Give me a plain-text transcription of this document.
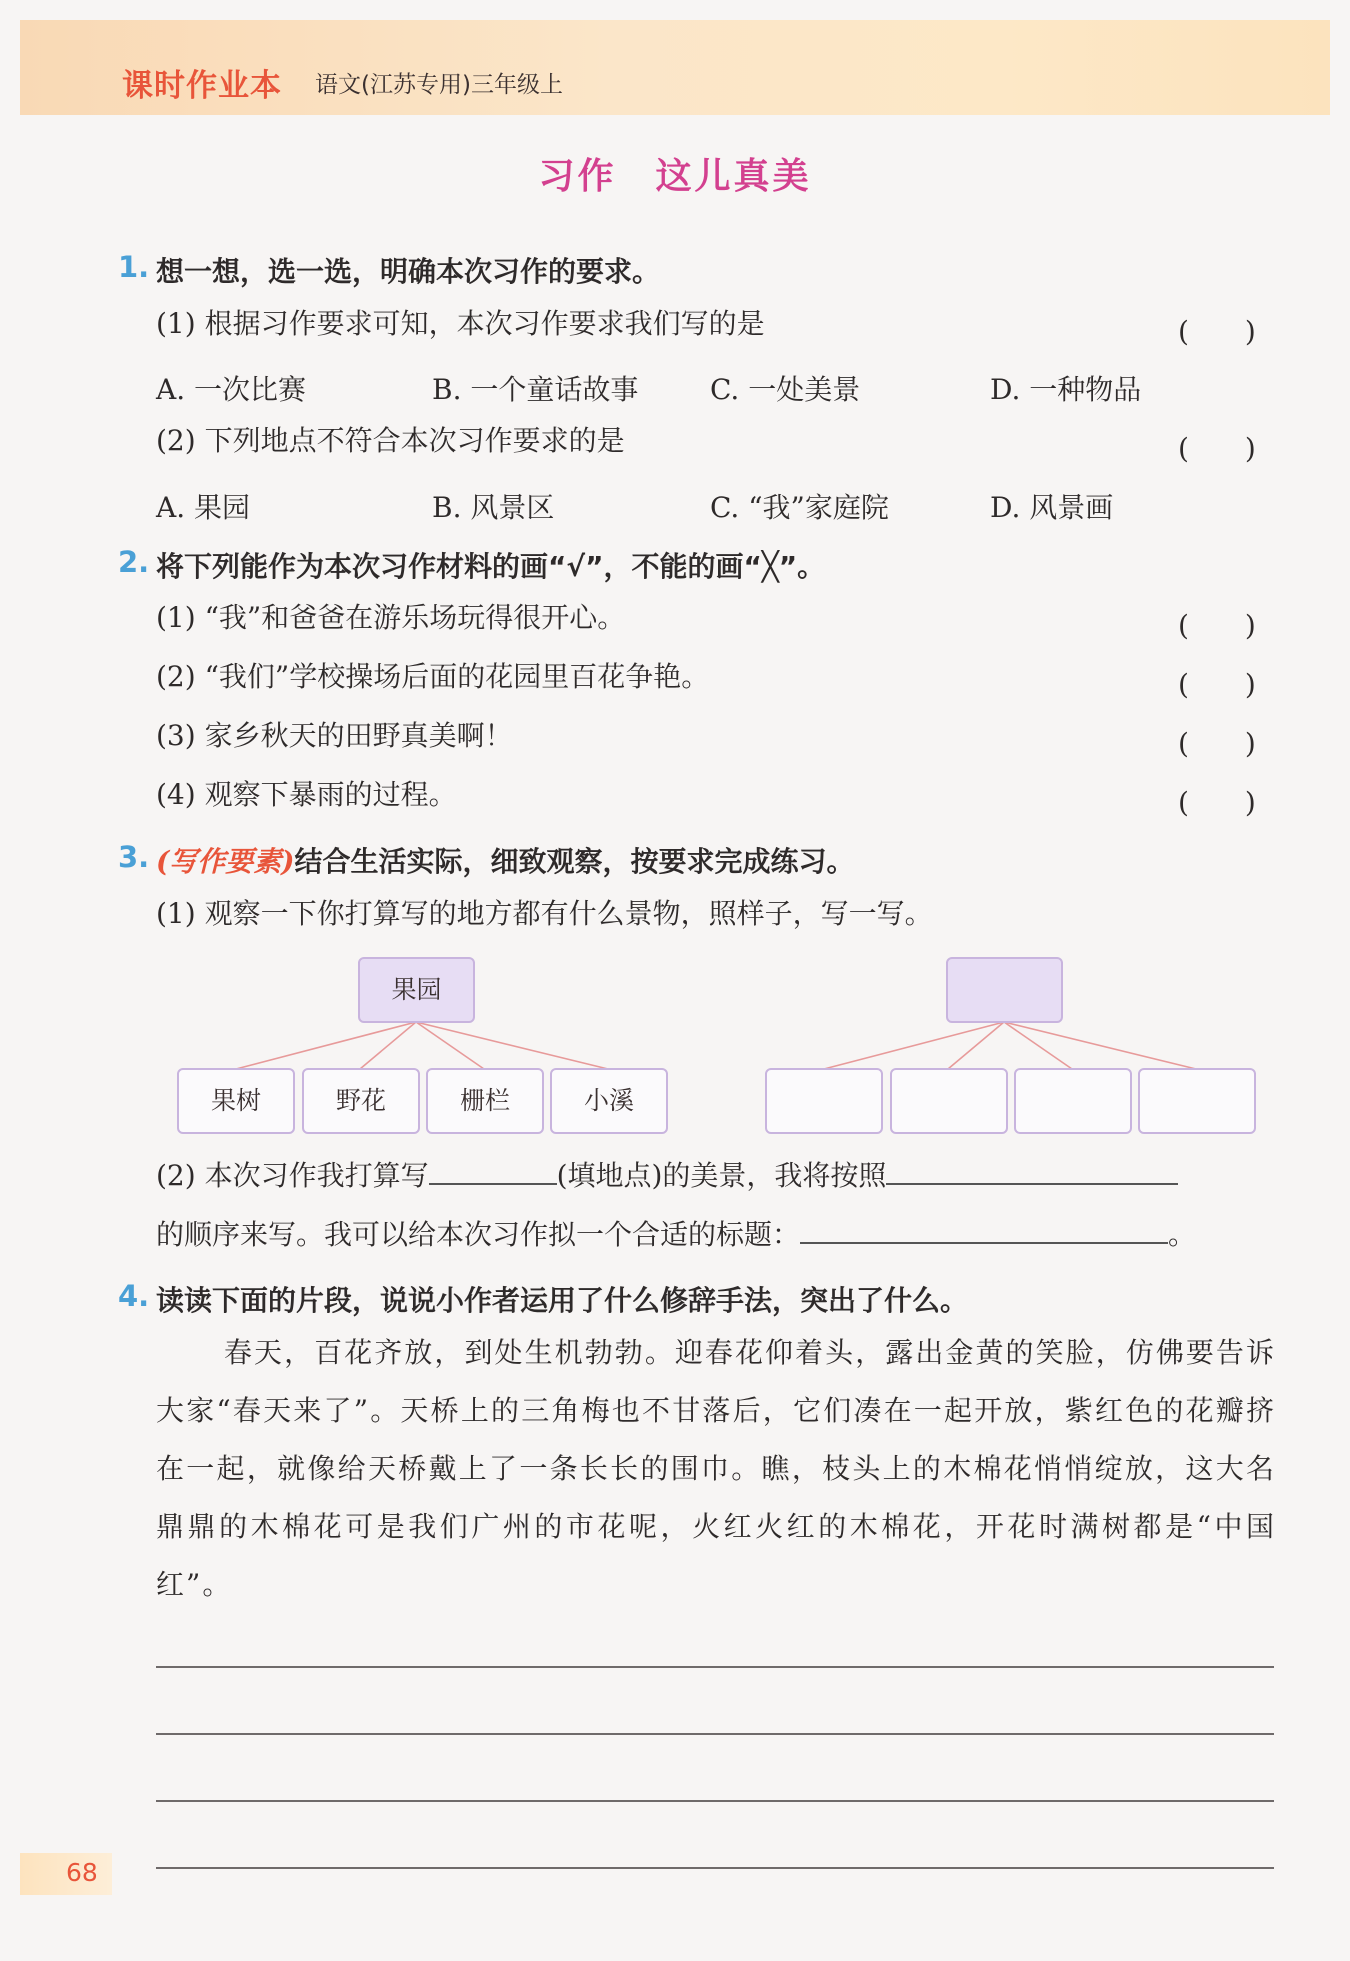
课时作业本 语文(江苏专用)三年级上
习作　这儿真美
1. 想一想，选一选，明确本次习作的要求。
(1) 根据习作要求可知，本次习作要求我们写的是	(　　)
A. 一次比赛	B. 一个童话故事	C. 一处美景	D. 一种物品
(2) 下列地点不符合本次习作要求的是	(　　)
A. 果园	B. 风景区	C. “我”家庭院	D. 风景画
2. 将下列能作为本次习作材料的画“√”，不能的画“╳”。
(1) “我”和爸爸在游乐场玩得很开心。	(　　)
(2) “我们”学校操场后面的花园里百花争艳。	(　　)
(3) 家乡秋天的田野真美啊！	(　　)
(4) 观察下暴雨的过程。	(　　)
3. (写作要素)结合生活实际，细致观察，按要求完成练习。
(1) 观察一下你打算写的地方都有什么景物，照样子，写一写。
果园
果树	野花	栅栏	小溪
(2) 本次习作我打算写	(填地点)的美景，我将按照
的顺序来写。我可以给本次习作拟一个合适的标题：	。
4. 读读下面的片段，说说小作者运用了什么修辞手法，突出了什么。
春天，百花齐放，到处生机勃勃。迎春花仰着头，露出金黄的笑脸，仿佛要告诉大家“春天来了”。天桥上的三角梅也不甘落后，它们凑在一起开放，紫红色的花瓣挤在一起，就像给天桥戴上了一条长长的围巾。瞧，枝头上的木棉花悄悄绽放，这大名鼎鼎的木棉花可是我们广州的市花呢，火红火红的木棉花，开花时满树都是“中国红”。
68
